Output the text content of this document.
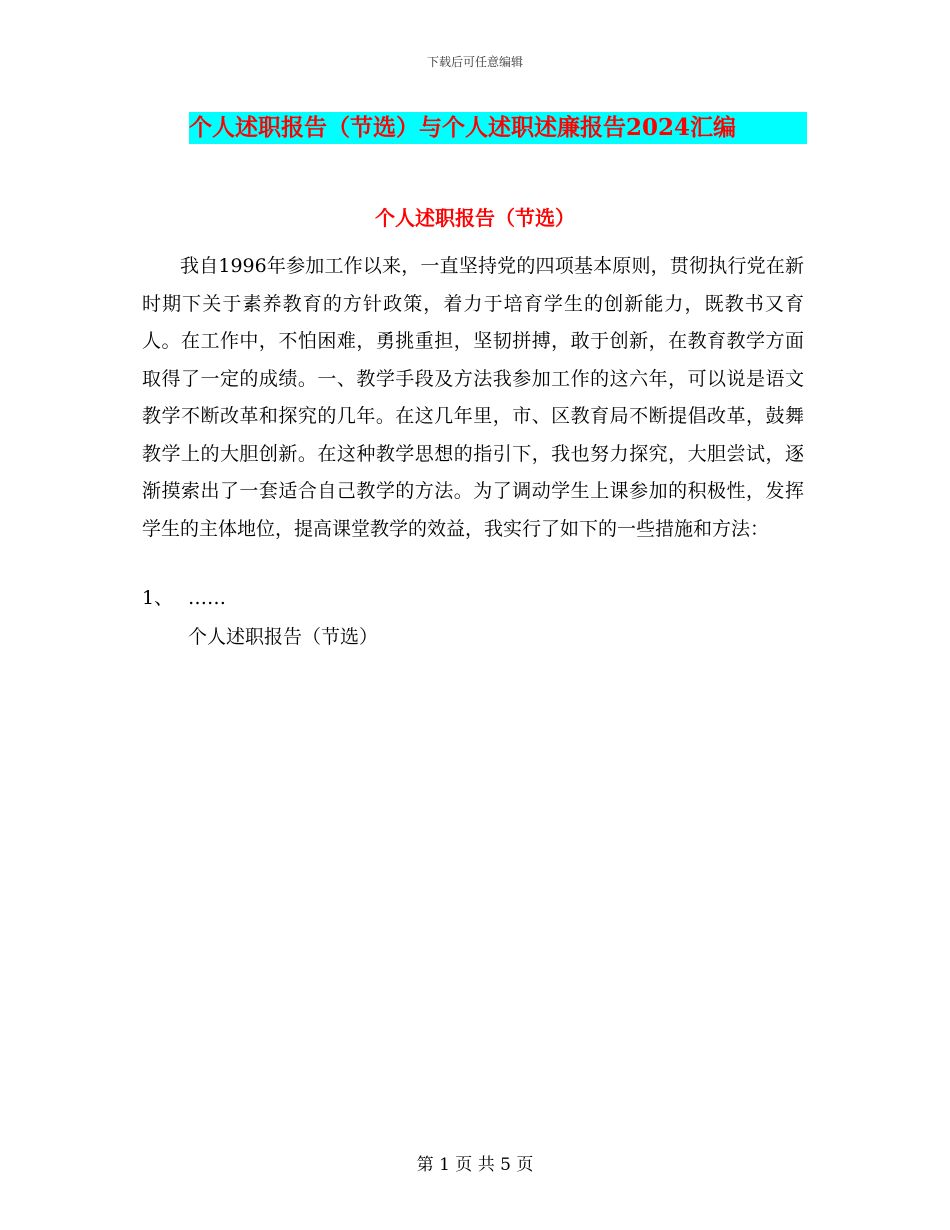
下载后可任意编辑
个人述职报告（节选）与个人述职述廉报告2024汇编
个人述职报告（节选）

我自1996年参加工作以来，一直坚持党的四项基本原则，贯彻执行党在新时期下关于素养教育的方针政策，着力于培育学生的创新能力，既教书又育人。在工作中，不怕困难，勇挑重担，坚韧拼搏，敢于创新，在教育教学方面取得了一定的成绩。一、教学手段及方法我参加工作的这六年，可以说是语文教学不断改革和探究的几年。在这几年里，市、区教育局不断提倡改革，鼓舞教学上的大胆创新。在这种教学思想的指引下，我也努力探究，大胆尝试，逐渐摸索出了一套适合自己教学的方法。为了调动学生上课参加的积极性，发挥学生的主体地位，提高课堂教学的效益，我实行了如下的一些措施和方法：

1、 ……
个人述职报告（节选）
第 1 页 共 5 页
